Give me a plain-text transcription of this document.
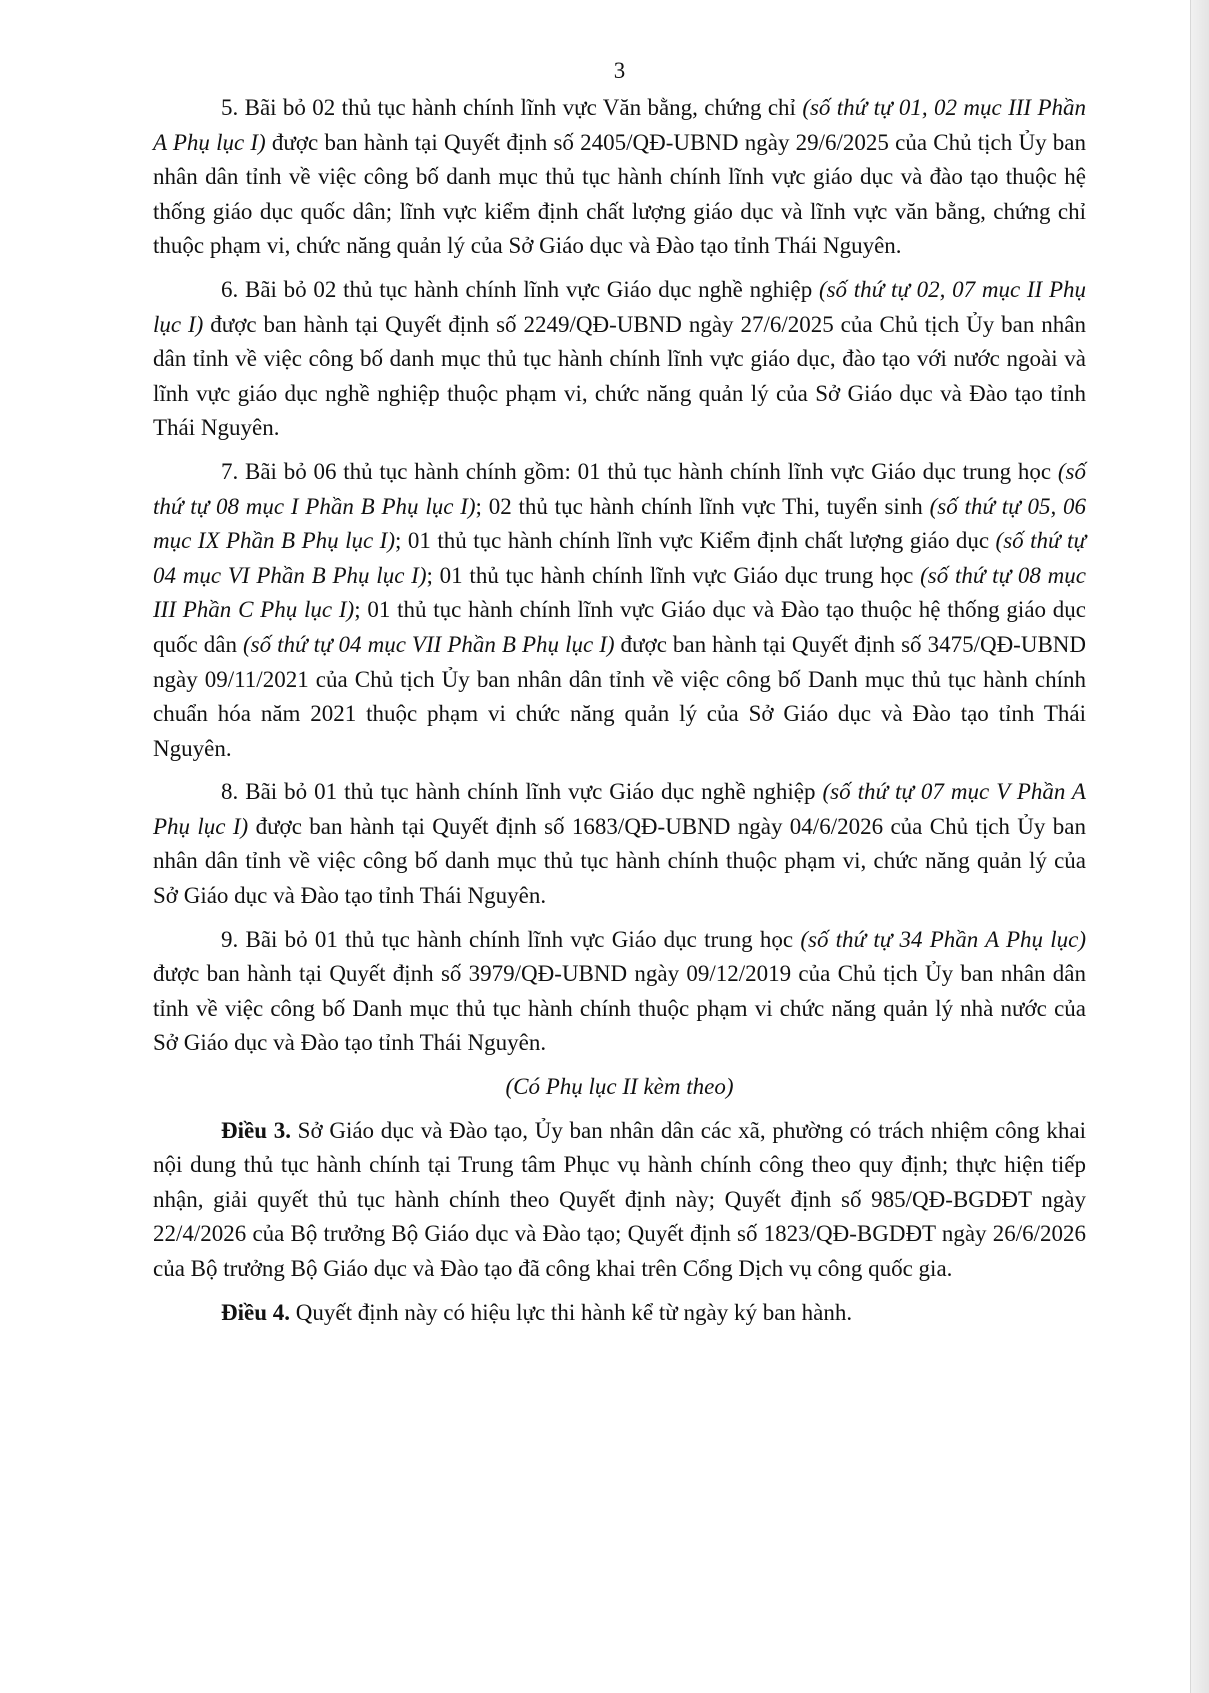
3

5. Bãi bỏ 02 thủ tục hành chính lĩnh vực Văn bằng, chứng chỉ (số thứ tự 01, 02 mục III Phần A Phụ lục I) được ban hành tại Quyết định số 2405/QĐ-UBND ngày 29/6/2025 của Chủ tịch Ủy ban nhân dân tỉnh về việc công bố danh mục thủ tục hành chính lĩnh vực giáo dục và đào tạo thuộc hệ thống giáo dục quốc dân; lĩnh vực kiểm định chất lượng giáo dục và lĩnh vực văn bằng, chứng chỉ thuộc phạm vi, chức năng quản lý của Sở Giáo dục và Đào tạo tỉnh Thái Nguyên.

6. Bãi bỏ 02 thủ tục hành chính lĩnh vực Giáo dục nghề nghiệp (số thứ tự 02, 07 mục II Phụ lục I) được ban hành tại Quyết định số 2249/QĐ-UBND ngày 27/6/2025 của Chủ tịch Ủy ban nhân dân tỉnh về việc công bố danh mục thủ tục hành chính lĩnh vực giáo dục, đào tạo với nước ngoài và lĩnh vực giáo dục nghề nghiệp thuộc phạm vi, chức năng quản lý của Sở Giáo dục và Đào tạo tỉnh Thái Nguyên.

7. Bãi bỏ 06 thủ tục hành chính gồm: 01 thủ tục hành chính lĩnh vực Giáo dục trung học (số thứ tự 08 mục I Phần B Phụ lục I); 02 thủ tục hành chính lĩnh vực Thi, tuyển sinh (số thứ tự 05, 06 mục IX Phần B Phụ lục I); 01 thủ tục hành chính lĩnh vực Kiểm định chất lượng giáo dục (số thứ tự 04 mục VI Phần B Phụ lục I); 01 thủ tục hành chính lĩnh vực Giáo dục trung học (số thứ tự 08 mục III Phần C Phụ lục I); 01 thủ tục hành chính lĩnh vực Giáo dục và Đào tạo thuộc hệ thống giáo dục quốc dân (số thứ tự 04 mục VII Phần B Phụ lục I) được ban hành tại Quyết định số 3475/QĐ-UBND ngày 09/11/2021 của Chủ tịch Ủy ban nhân dân tỉnh về việc công bố Danh mục thủ tục hành chính chuẩn hóa năm 2021 thuộc phạm vi chức năng quản lý của Sở Giáo dục và Đào tạo tỉnh Thái Nguyên.

8. Bãi bỏ 01 thủ tục hành chính lĩnh vực Giáo dục nghề nghiệp (số thứ tự 07 mục V Phần A Phụ lục I) được ban hành tại Quyết định số 1683/QĐ-UBND ngày 04/6/2026 của Chủ tịch Ủy ban nhân dân tỉnh về việc công bố danh mục thủ tục hành chính thuộc phạm vi, chức năng quản lý của Sở Giáo dục và Đào tạo tỉnh Thái Nguyên.

9. Bãi bỏ 01 thủ tục hành chính lĩnh vực Giáo dục trung học (số thứ tự 34 Phần A Phụ lục) được ban hành tại Quyết định số 3979/QĐ-UBND ngày 09/12/2019 của Chủ tịch Ủy ban nhân dân tỉnh về việc công bố Danh mục thủ tục hành chính thuộc phạm vi chức năng quản lý nhà nước của Sở Giáo dục và Đào tạo tỉnh Thái Nguyên.

(Có Phụ lục II kèm theo)

Điều 3. Sở Giáo dục và Đào tạo, Ủy ban nhân dân các xã, phường có trách nhiệm công khai nội dung thủ tục hành chính tại Trung tâm Phục vụ hành chính công theo quy định; thực hiện tiếp nhận, giải quyết thủ tục hành chính theo Quyết định này; Quyết định số 985/QĐ-BGDĐT ngày 22/4/2026 của Bộ trưởng Bộ Giáo dục và Đào tạo; Quyết định số 1823/QĐ-BGDĐT ngày 26/6/2026 của Bộ trưởng Bộ Giáo dục và Đào tạo đã công khai trên Cổng Dịch vụ công quốc gia.

Điều 4. Quyết định này có hiệu lực thi hành kể từ ngày ký ban hành.
